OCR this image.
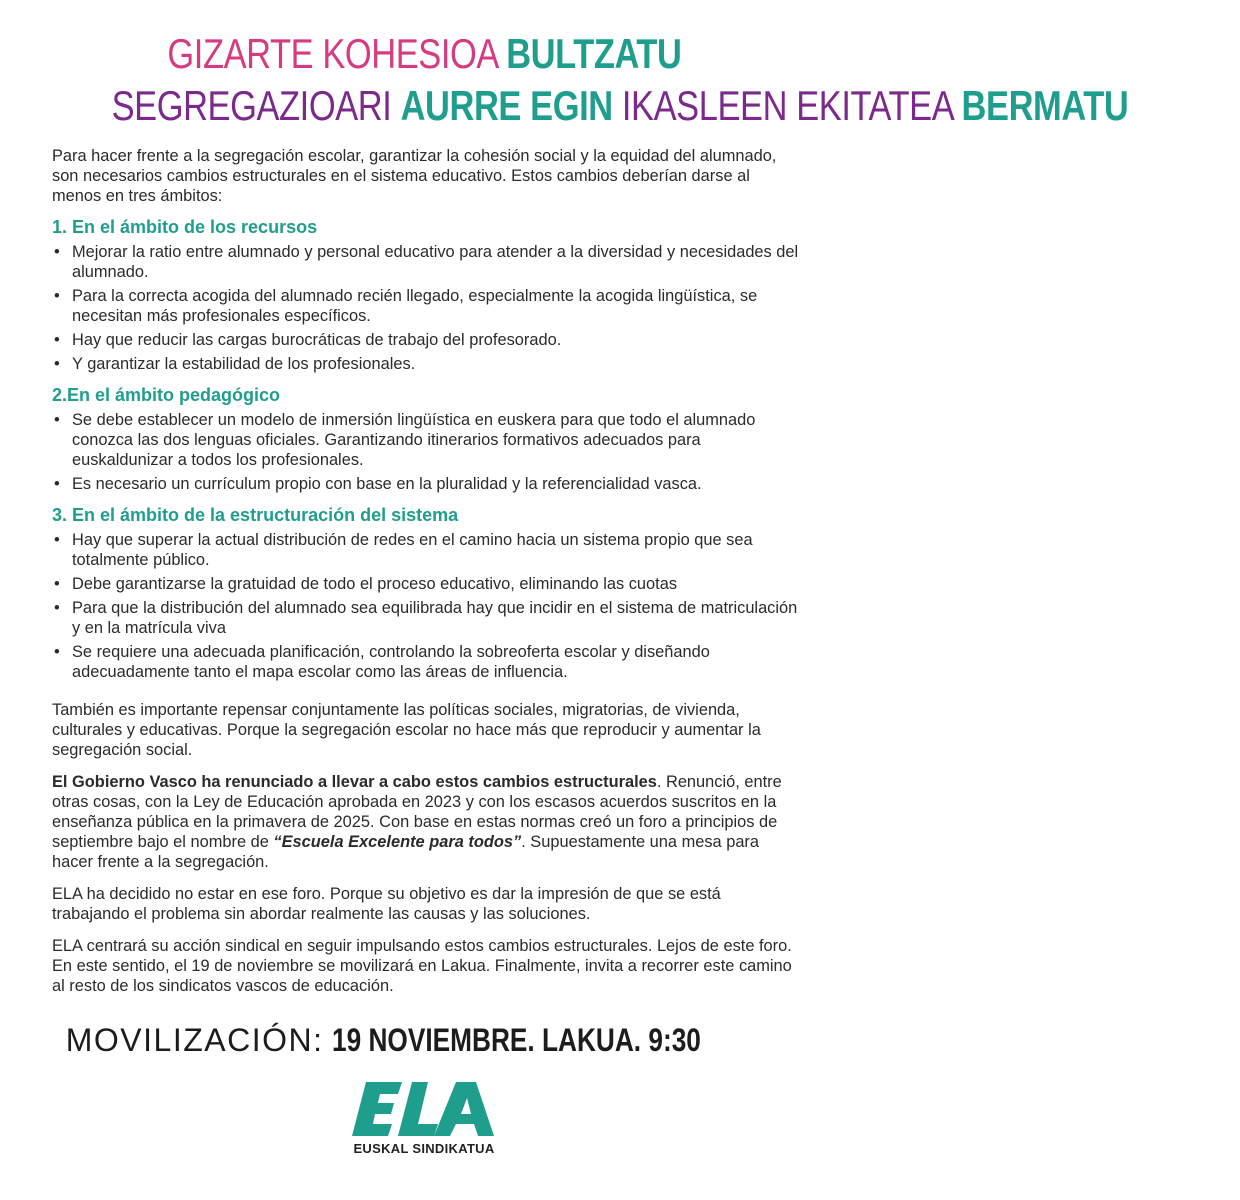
GIZARTE KOHESIOA BULTZATU
SEGREGAZIOARI AURRE EGIN IKASLEEN EKITATEA BERMATU

Para hacer frente a la segregación escolar, garantizar la cohesión social y la equidad del alumnado, son necesarios cambios estructurales en el sistema educativo. Estos cambios deberían darse al menos en tres ámbitos:

1. En el ámbito de los recursos
• Mejorar la ratio entre alumnado y personal educativo para atender a la diversidad y necesidades del alumnado.
• Para la correcta acogida del alumnado recién llegado, especialmente la acogida lingüística, se necesitan más profesionales específicos.
• Hay que reducir las cargas burocráticas de trabajo del profesorado.
• Y garantizar la estabilidad de los profesionales.
2.En el ámbito pedagógico
• Se debe establecer un modelo de inmersión lingüística en euskera para que todo el alumnado conozca las dos lenguas oficiales. Garantizando itinerarios formativos adecuados para euskaldunizar a todos los profesionales.
• Es necesario un currículum propio con base en la pluralidad y la referencialidad vasca.
3. En el ámbito de la estructuración del sistema
• Hay que superar la actual distribución de redes en el camino hacia un sistema propio que sea totalmente público.
• Debe garantizarse la gratuidad de todo el proceso educativo, eliminando las cuotas
• Para que la distribución del alumnado sea equilibrada hay que incidir en el sistema de matriculación y en la matrícula viva
• Se requiere una adecuada planificación, controlando la sobreoferta escolar y diseñando adecuadamente tanto el mapa escolar como las áreas de influencia.

También es importante repensar conjuntamente las políticas sociales, migratorias, de vivienda, culturales y educativas. Porque la segregación escolar no hace más que reproducir y aumentar la segregación social.

El Gobierno Vasco ha renunciado a llevar a cabo estos cambios estructurales. Renunció, entre otras cosas, con la Ley de Educación aprobada en 2023 y con los escasos acuerdos suscritos en la enseñanza pública en la primavera de 2025. Con base en estas normas creó un foro a principios de septiembre bajo el nombre de “Escuela Excelente para todos”. Supuestamente una mesa para hacer frente a la segregación.

ELA ha decidido no estar en ese foro. Porque su objetivo es dar la impresión de que se está trabajando el problema sin abordar realmente las causas y las soluciones.

ELA centrará su acción sindical en seguir impulsando estos cambios estructurales. Lejos de este foro. En este sentido, el 19 de noviembre se movilizará en Lakua. Finalmente, invita a recorrer este camino al resto de los sindicatos vascos de educación.

MOVILIZACIÓN: 19 NOVIEMBRE. LAKUA. 9:30
EUSKAL SINDIKATUA
